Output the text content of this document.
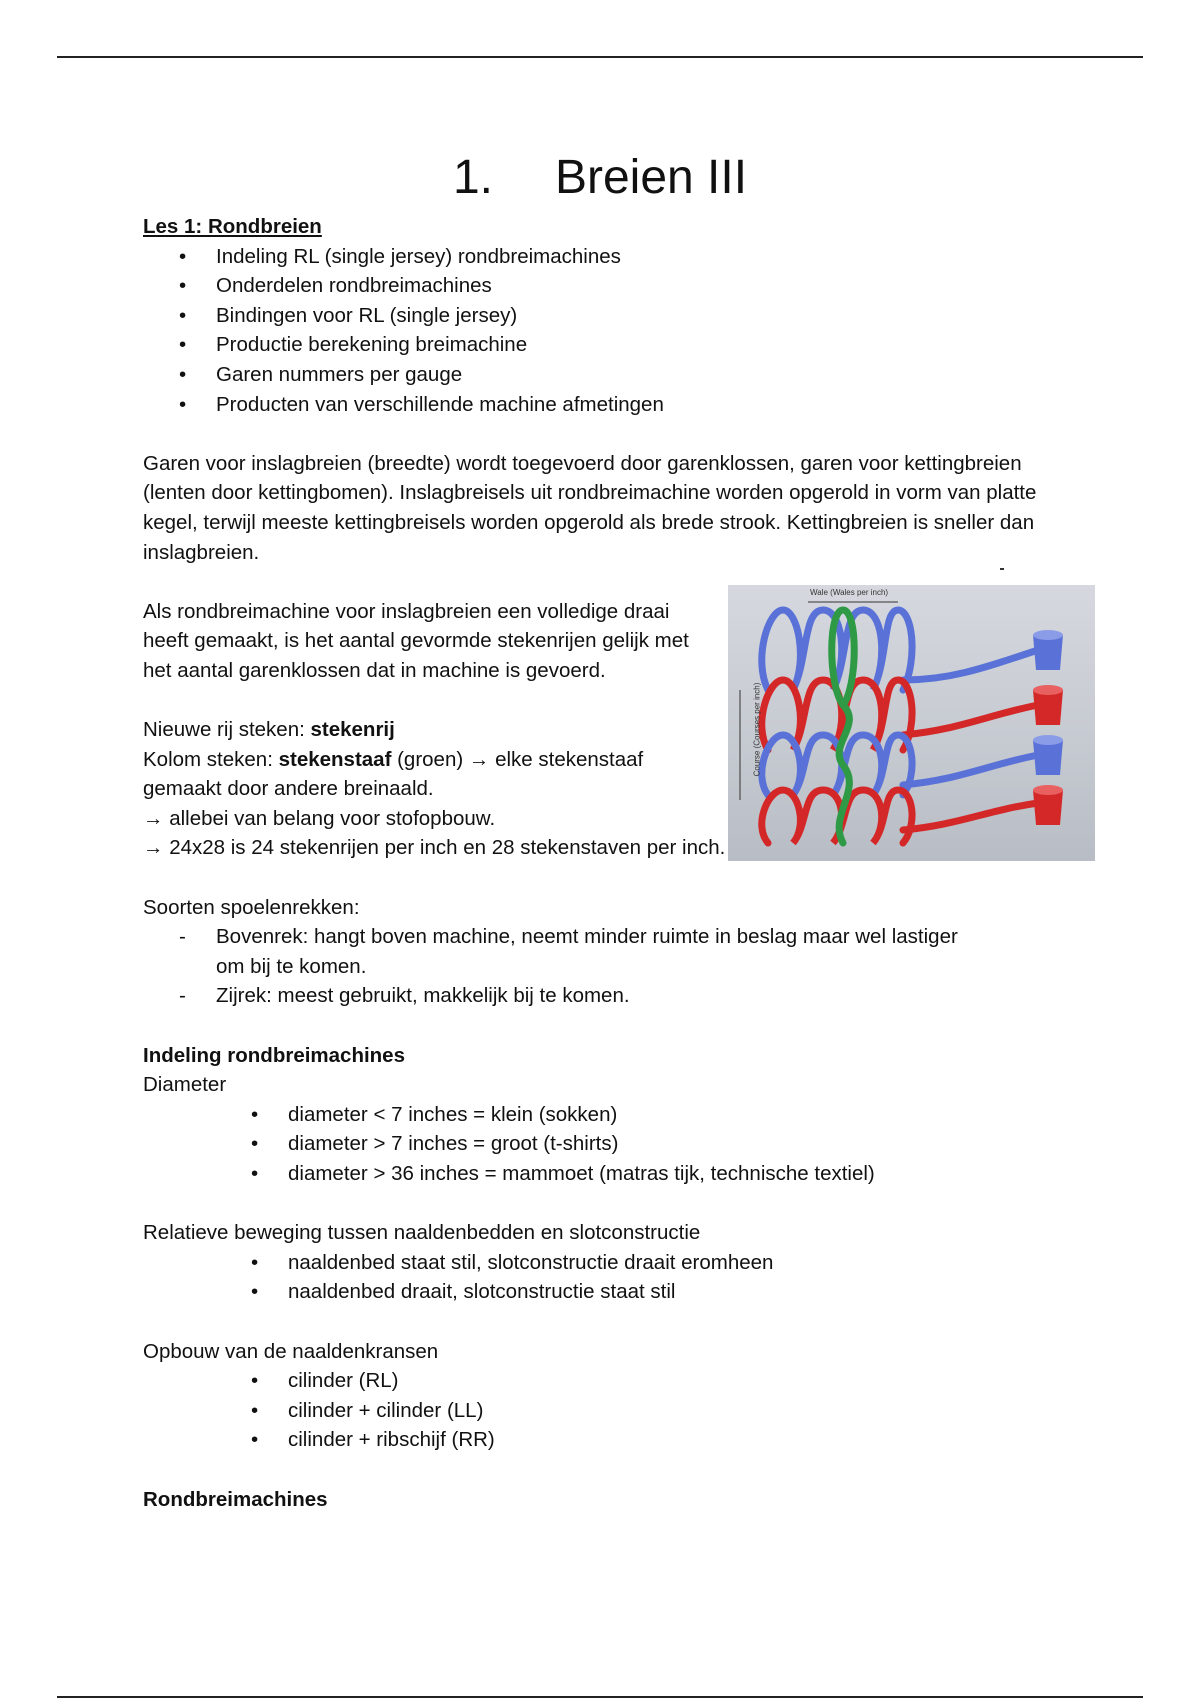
1. Breien III

Les 1: Rondbreien

• Indeling RL (single jersey) rondbreimachines
• Onderdelen rondbreimachines
• Bindingen voor RL (single jersey)
• Productie berekening breimachine
• Garen nummers per gauge
• Producten van verschillende machine afmetingen

Garen voor inslagbreien (breedte) wordt toegevoerd door garenklossen, garen voor kettingbreien (lenten door kettingbomen). Inslagbreisels uit rondbreimachine worden opgerold in vorm van platte kegel, terwijl meeste kettingbreisels worden opgerold als brede strook. Kettingbreien is sneller dan inslagbreien.

Als rondbreimachine voor inslagbreien een volledige draai heeft gemaakt, is het aantal gevormde stekenrijen gelijk met het aantal garenklossen dat in machine is gevoerd.

Nieuwe rij steken: stekenrij

Kolom steken: stekenstaaf (groen) → elke stekenstaaf gemaakt door andere breinaald.

→ allebei van belang voor stofopbouw.

→ 24x28 is 24 stekenrijen per inch en 28 stekenstaven per inch.

Soorten spoelenrekken:

- Bovenrek: hangt boven machine, neemt minder ruimte in beslag maar wel lastiger om bij te komen.
- Zijrek: meest gebruikt, makkelijk bij te komen.

Indeling rondbreimachines

Diameter

• diameter < 7 inches = klein (sokken)
• diameter > 7 inches = groot (t-shirts)
• diameter > 36 inches = mammoet (matras tijk, technische textiel)

Relatieve beweging tussen naaldenbedden en slotconstructie

• naaldenbed staat stil, slotconstructie draait eromheen
• naaldenbed draait, slotconstructie staat stil

Opbouw van de naaldenkransen

• cilinder (RL)
• cilinder + cilinder (LL)
• cilinder + ribschijf (RR)

Rondbreimachines

Wale (Wales per inch)
Course (Courses per inch)
